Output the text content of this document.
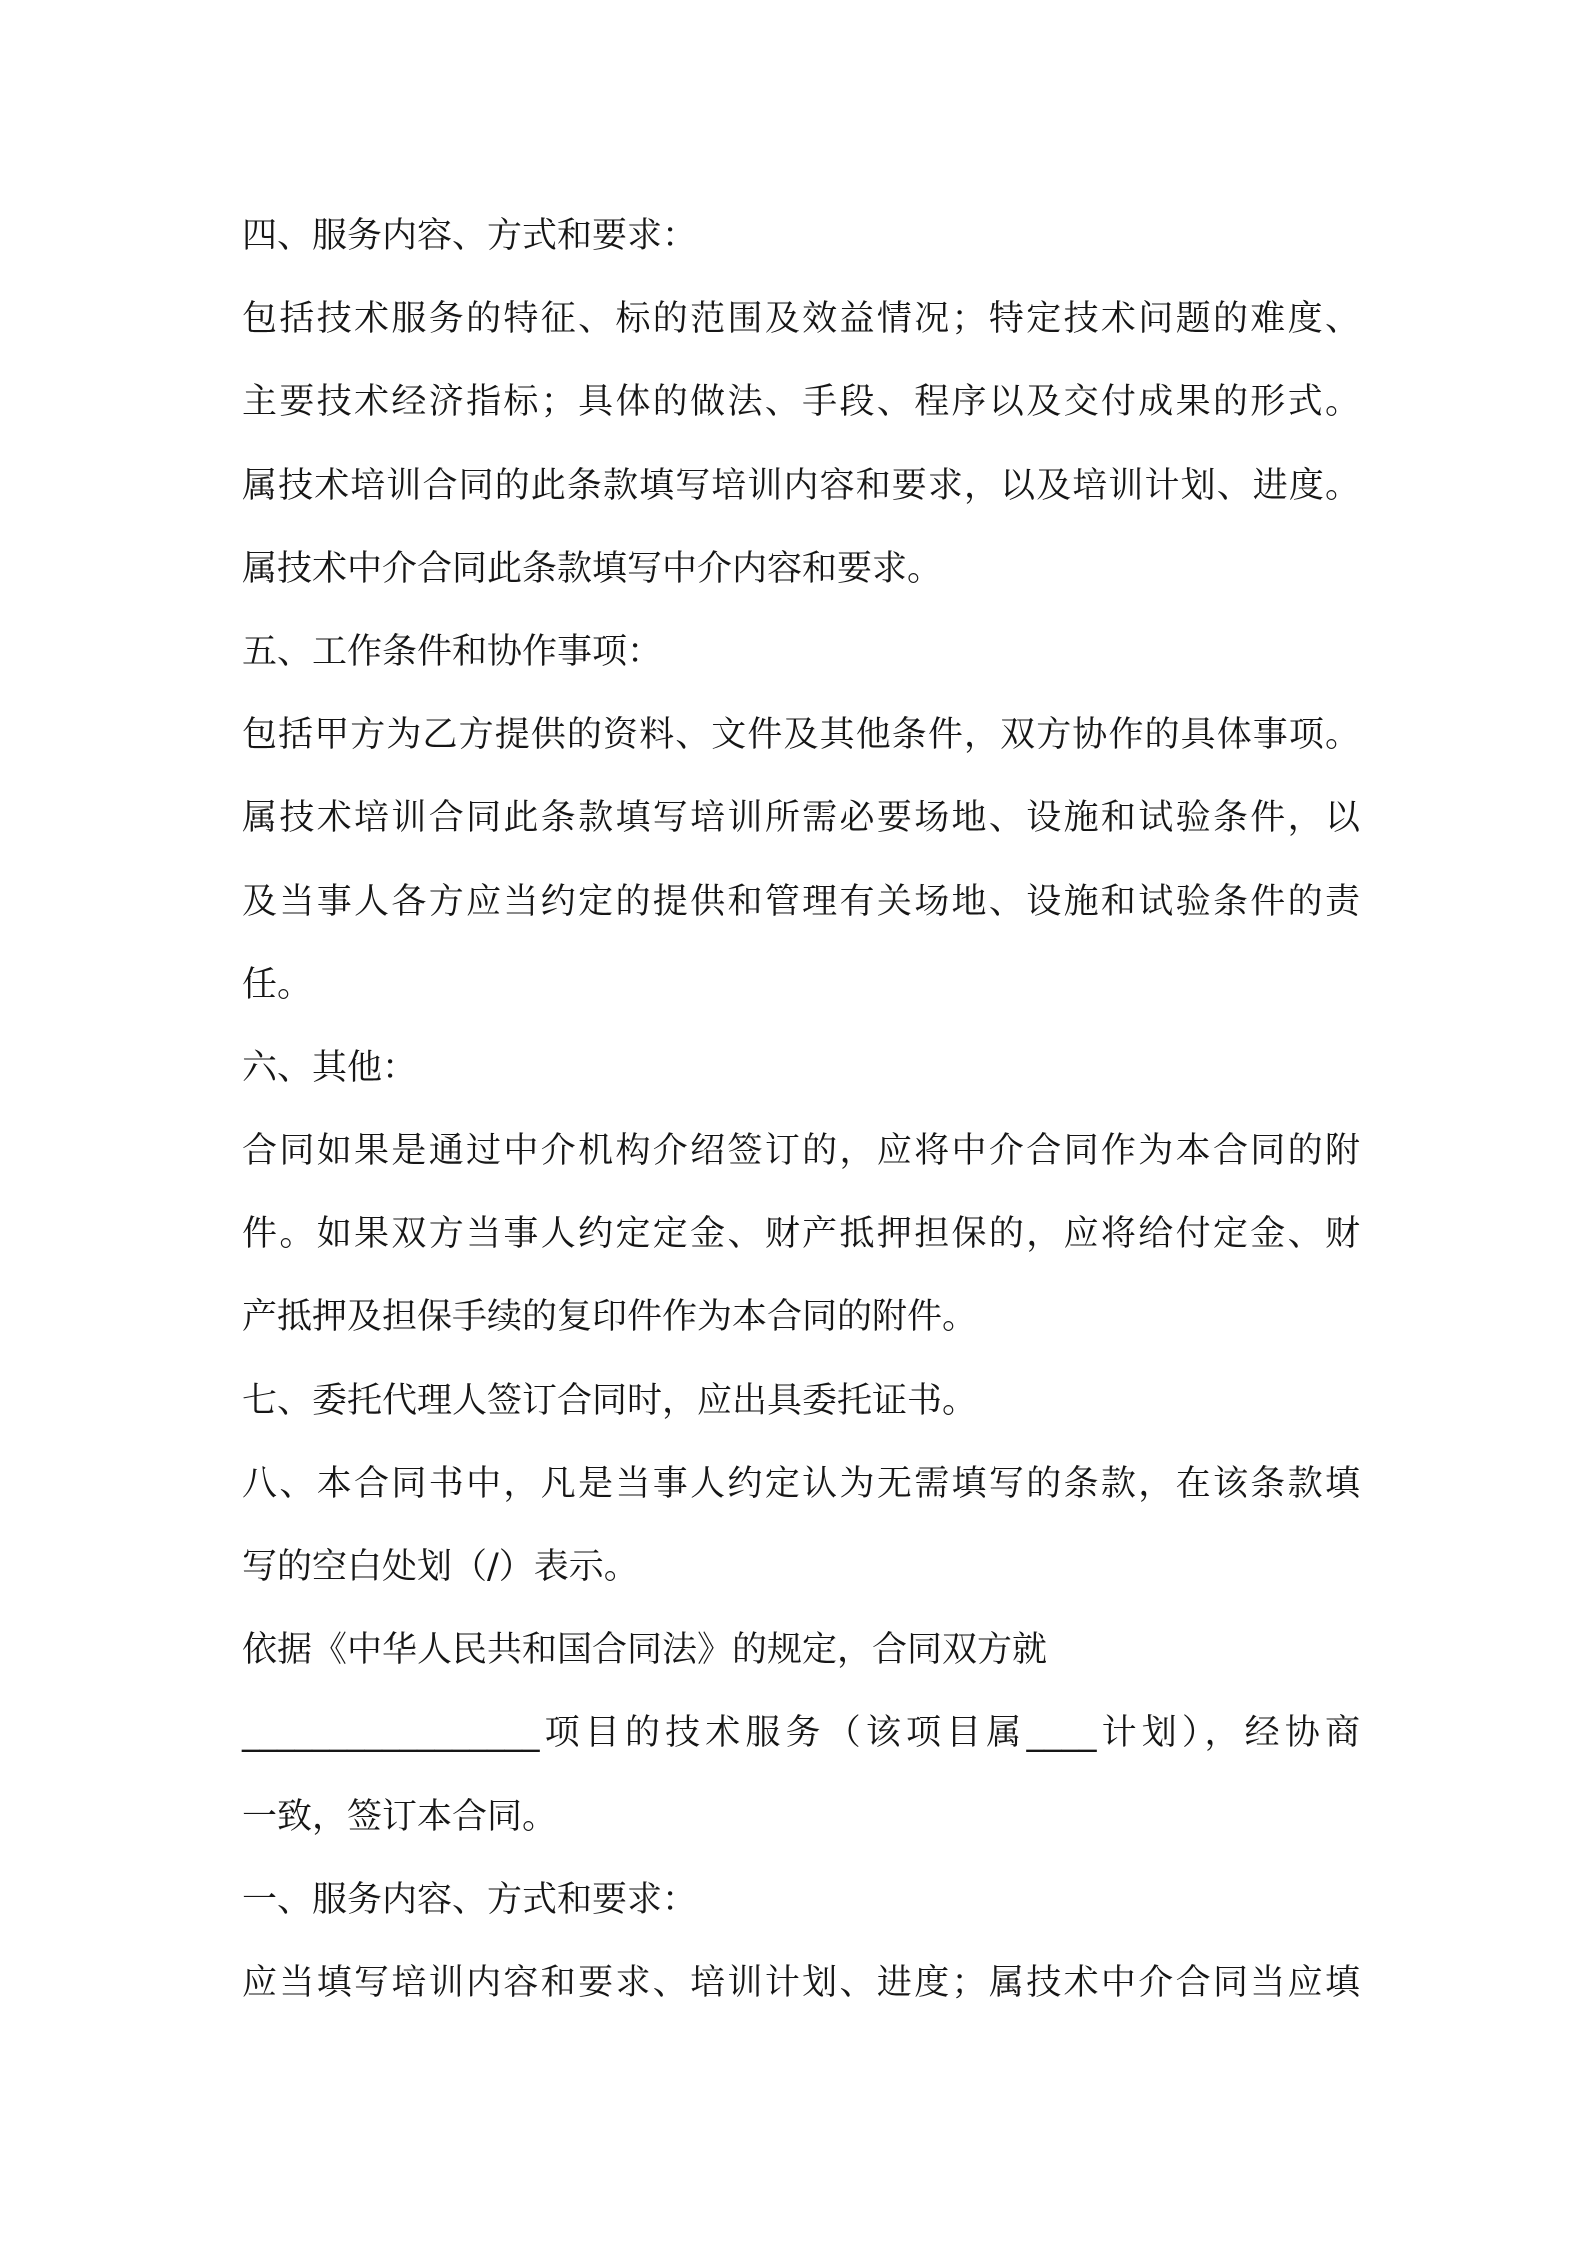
四、服务内容、方式和要求：
包括技术服务的特征、标的范围及效益情况；特定技术问题的难度、
主要技术经济指标；具体的做法、手段、程序以及交付成果的形式。
属技术培训合同的此条款填写培训内容和要求，以及培训计划、进度。
属技术中介合同此条款填写中介内容和要求。
五、工作条件和协作事项：
包括甲方为乙方提供的资料、文件及其他条件，双方协作的具体事项。
属技术培训合同此条款填写培训所需必要场地、设施和试验条件，以
及当事人各方应当约定的提供和管理有关场地、设施和试验条件的责
任。
六、其他：
合同如果是通过中介机构介绍签订的，应将中介合同作为本合同的附
件。如果双方当事人约定定金、财产抵押担保的，应将给付定金、财
产抵押及担保手续的复印件作为本合同的附件。
七、委托代理人签订合同时，应出具委托证书。
八、本合同书中，凡是当事人约定认为无需填写的条款，在该条款填
写的空白处划（/）表示。
依据《中华人民共和国合同法》的规定，合同双方就
_________________项目的技术服务（该项目属____计划），经协商
一致，签订本合同。
一、服务内容、方式和要求：
应当填写培训内容和要求、培训计划、进度；属技术中介合同当应填
